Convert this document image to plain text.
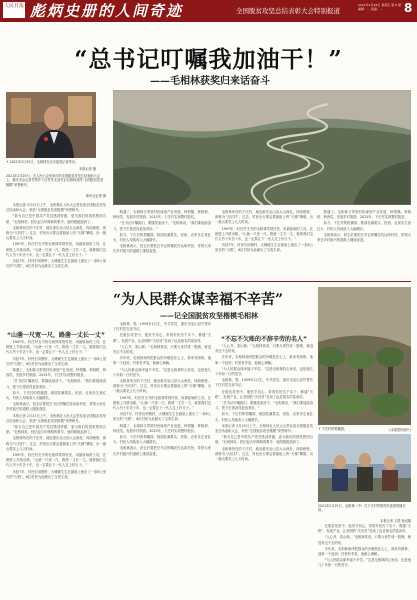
人民日报 彪炳史册的人间奇迹	全国脱贫攻坚总结表彰大会特别报道
2021年2月26日 星期五 第 8 版 编辑：... 美编：...	8
“总书记叮嘱我加油干！”
——毛相林获奖归来话奋斗
↑ 2021年2月25日，毛相林在北京接受记者采访。
本报记者 摄
2021年2月25日，在人民大会堂举行的全国脱贫攻坚总结表彰大会上，重庆市巫山县竹贤乡下庄村党支部书记毛相林获得“全国脱贫攻坚楷模”荣誉称号。
新华社记者 摄

本报记者 2月25日上午，毛相林在人民大会堂参加全国脱贫攻坚总结表彰大会，荣获“全国脱贫攻坚楷模”荣誉称号。

“我为自己是中国共产党员感到骄傲，更为我们的国家感到自豪。”毛相林说，回忆起当年修路的艰辛，他的眼眶湿润了。

毛相林所在的下庄村，地处重庆巫山县大山深处，四面绝壁，被称为“天坑村”。过去，村民出行要沿着悬崖上的“天梯”攀爬，出一趟山要花上几天时间。

1997年，时任村支书的毛相林带领村民，用最原始的工具，在绝壁上开凿出路。“山凿一尺宽一尺，路凿一丈长一丈。就算我们这代人穷十年苦十年，也一定要让下一代人过上好日子。”

历经7年，村民们用钢钎、大锤硬生生在悬崖上凿出了一条8公里长的“天路”，6位村民为此献出了宝贵生命。

路通了，毛相林又带领村民谋划产业发展，种柑橘、种桃树、种西瓜，发展乡村旅游。2015年，下庄村实现整村脱贫。

“总书记叮嘱我们，要继续加油干。”毛相林说，“我们要接续奋斗，把下庄建设得更加美好。”

如今，下庄村的柑橘园、桃园挂满果实，民宿、农家乐生意红火，村民人均纯收入大幅增长。

毛相林表示，回去后要把总书记的嘱托传达给村民，带领大家在乡村振兴的道路上继续奋进。

毛相林所在的下庄村，地处重庆巫山县大山深处，四面绝壁，被称为“天坑村”。过去，村民出行要沿着悬崖上的“天梯”攀爬，出一趟山要花上几天时间。

1997年，时任村支书的毛相林带领村民，用最原始的工具，在绝壁上开凿出路。“山凿一尺宽一尺，路凿一丈长一丈。就算我们这代人穷十年苦十年，也一定要让下一代人过上好日子。”

历经7年，村民们用钢钎、大锤硬生生在悬崖上凿出了一条8公里长的“天路”，6位村民为此献出了宝贵生命。

路通了，毛相林又带领村民谋划产业发展，种柑橘、种桃树、种西瓜，发展乡村旅游。2015年，下庄村实现整村脱贫。

如今，下庄村的柑橘园、桃园挂满果实，民宿、农家乐生意红火，村民人均纯收入大幅增长。

毛相林表示，回去后要把总书记的嘱托传达给村民，带领大家在乡村振兴的道路上继续奋进。

“山凿一尺宽一尺，路凿一丈长一丈”

1997年，时任村支书的毛相林带领村民，用最原始的工具，在绝壁上开凿出路。“山凿一尺宽一尺，路凿一丈长一丈。就算我们这代人穷十年苦十年，也一定要让下一代人过上好日子。”

历经7年，村民们用钢钎、大锤硬生生在悬崖上凿出了一条8公里长的“天路”，6位村民为此献出了宝贵生命。

路通了，毛相林又带领村民谋划产业发展，种柑橘、种桃树、种西瓜，发展乡村旅游。2015年，下庄村实现整村脱贫。

“总书记叮嘱我们，要继续加油干。”毛相林说，“我们要接续奋斗，把下庄建设得更加美好。”

如今，下庄村的柑橘园、桃园挂满果实，民宿、农家乐生意红火，村民人均纯收入大幅增长。

毛相林表示，回去后要把总书记的嘱托传达给村民，带领大家在乡村振兴的道路上继续奋进。

本报记者 2月25日上午，毛相林在人民大会堂参加全国脱贫攻坚总结表彰大会，荣获“全国脱贫攻坚楷模”荣誉称号。

“我为自己是中国共产党员感到骄傲，更为我们的国家感到自豪。”毛相林说，回忆起当年修路的艰辛，他的眼眶湿润了。

毛相林所在的下庄村，地处重庆巫山县大山深处，四面绝壁，被称为“天坑村”。过去，村民出行要沿着悬崖上的“天梯”攀爬，出一趟山要花上几天时间。

1997年，时任村支书的毛相林带领村民，用最原始的工具，在绝壁上开凿出路。“山凿一尺宽一尺，路凿一丈长一丈。就算我们这代人穷十年苦十年，也一定要让下一代人过上好日子。”

历经7年，村民们用钢钎、大锤硬生生在悬崖上凿出了一条8公里长的“天路”，6位村民为此献出了宝贵生命。

“为人民群众谋幸福不辛苦”
——记全国脱贫攻坚楷模毛相林
↑ 下庄村的柑橘园。	(本报资料照片)
2021年2月25日，毛相林（中）在下庄村带领村民查看柑橘长势。
本报记者 王群 杨迅摄

毛相林，男，1959年1月生，中共党员，重庆市巫山县竹贤乡下庄村党支部书记。

在脱贫攻坚中，他坚守初心，带领村民苦干实干，修通“天路”，发展产业，让贫困的“天坑村”变成了远近闻名的富裕村。

“人心齐，泰山移。”毛相林常说，只要大家拧成一股绳，就没有过不去的坎。

多年来，毛相林始终把群众的冷暖放在心上，谁家有困难，他第一个赶到；村里有矛盾，他耐心调解。

“为人民群众谋幸福不辛苦。”这是毛相林的心里话，也是他几十年如一日的坚守。

毛相林所在的下庄村，地处重庆巫山县大山深处，四面绝壁，被称为“天坑村”。过去，村民出行要沿着悬崖上的“天梯”攀爬，出一趟山要花上几天时间。

1997年，时任村支书的毛相林带领村民，用最原始的工具，在绝壁上开凿出路。“山凿一尺宽一尺，路凿一丈长一丈。就算我们这代人穷十年苦十年，也一定要让下一代人过上好日子。”

历经7年，村民们用钢钎、大锤硬生生在悬崖上凿出了一条8公里长的“天路”，6位村民为此献出了宝贵生命。

路通了，毛相林又带领村民谋划产业发展，种柑橘、种桃树、种西瓜，发展乡村旅游。2015年，下庄村实现整村脱贫。

如今，下庄村的柑橘园、桃园挂满果实，民宿、农家乐生意红火，村民人均纯收入大幅增长。

毛相林表示，回去后要把总书记的嘱托传达给村民，带领大家在乡村振兴的道路上继续奋进。

“不忘不欠账的不辞辛劳的名人”

“人心齐，泰山移。”毛相林常说，只要大家拧成一股绳，就没有过不去的坎。

多年来，毛相林始终把群众的冷暖放在心上，谁家有困难，他第一个赶到；村里有矛盾，他耐心调解。

“为人民群众谋幸福不辛苦。”这是毛相林的心里话，也是他几十年如一日的坚守。

毛相林，男，1959年1月生，中共党员，重庆市巫山县竹贤乡下庄村党支部书记。

在脱贫攻坚中，他坚守初心，带领村民苦干实干，修通“天路”，发展产业，让贫困的“天坑村”变成了远近闻名的富裕村。

“总书记叮嘱我们，要继续加油干。”毛相林说，“我们要接续奋斗，把下庄建设得更加美好。”

如今，下庄村的柑橘园、桃园挂满果实，民宿、农家乐生意红火，村民人均纯收入大幅增长。

本报记者 2月25日上午，毛相林在人民大会堂参加全国脱贫攻坚总结表彰大会，荣获“全国脱贫攻坚楷模”荣誉称号。

“我为自己是中国共产党员感到骄傲，更为我们的国家感到自豪。”毛相林说，回忆起当年修路的艰辛，他的眼眶湿润了。

毛相林所在的下庄村，地处重庆巫山县大山深处，四面绝壁，被称为“天坑村”。过去，村民出行要沿着悬崖上的“天梯”攀爬，出一趟山要花上几天时间。

在脱贫攻坚中，他坚守初心，带领村民苦干实干，修通“天路”，发展产业，让贫困的“天坑村”变成了远近闻名的富裕村。

“人心齐，泰山移。”毛相林常说，只要大家拧成一股绳，就没有过不去的坎。

多年来，毛相林始终把群众的冷暖放在心上，谁家有困难，他第一个赶到；村里有矛盾，他耐心调解。

“为人民群众谋幸福不辛苦。”这是毛相林的心里话，也是他几十年如一日的坚守。
